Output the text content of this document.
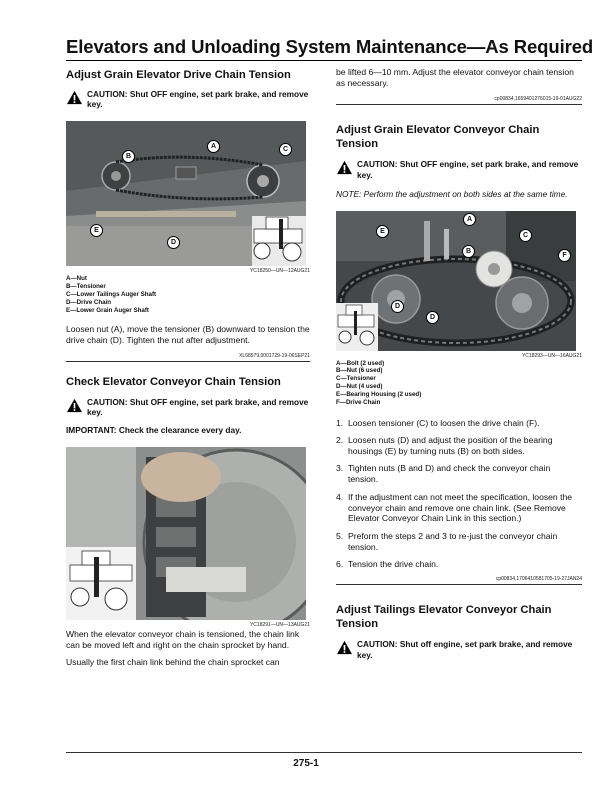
Elevators and Unloading System Maintenance—As Required
Adjust Grain Elevator Drive Chain Tension
CAUTION: Shut OFF engine, set park brake, and remove key.
A
B
C
D
E
YC18250—UN—12AUG21
A—Nut
B—Tensioner
C—Lower Tailings Auger Shaft
D—Drive Chain
E—Lower Grain Auger Shaft

Loosen nut (A), move the tensioner (B) downward to tension the drive chain (D). Tighten the nut after adjustment.

XL68979,0001729-19-06SEP21
Check Elevator Conveyor Chain Tension
CAUTION: Shut OFF engine, set park brake, and remove key.

IMPORTANT: Check the clearance every day.

YC18291—UN—13AUG21

When the elevator conveyor chain is tensioned, the chain link can be moved left and right on the chain sprocket by hand.

Usually the first chain link behind the chain sprocket can

be lifted 6—10 mm. Adjust the elevator conveyor chain tension as necessary.

cp00834,1659401276015-19-01AUG22
Adjust Grain Elevator Conveyor Chain Tension
CAUTION: Shut OFF engine, set park brake, and remove key.

NOTE: Perform the adjustment on both sides at the same time.

A
B
C
D
D
E
F
YC18293—UN—16AUG21
A—Bolt (2 used)
B—Nut (6 used)
C—Tensioner
D—Nut (4 used)
E—Bearing Housing (2 used)
F—Drive Chain
1. Loosen tensioner (C) to loosen the drive chain (F).
2. Loosen nuts (D) and adjust the position of the bearing housings (E) by turning nuts (B) on both sides.
3. Tighten nuts (B and D) and check the conveyor chain tension.
4. If the adjustment can not meet the specification, loosen the conveyor chain and remove one chain link. (See Remove Elevator Conveyor Chain Link in this section.)
5. Preform the steps 2 and 3 to re-just the conveyor chain tension.
6. Tension the drive chain.
cp00834,1706410581705-19-27JAN24
Adjust Tailings Elevator Conveyor Chain Tension
CAUTION: Shut off engine, set park brake, and remove key.
275-1
